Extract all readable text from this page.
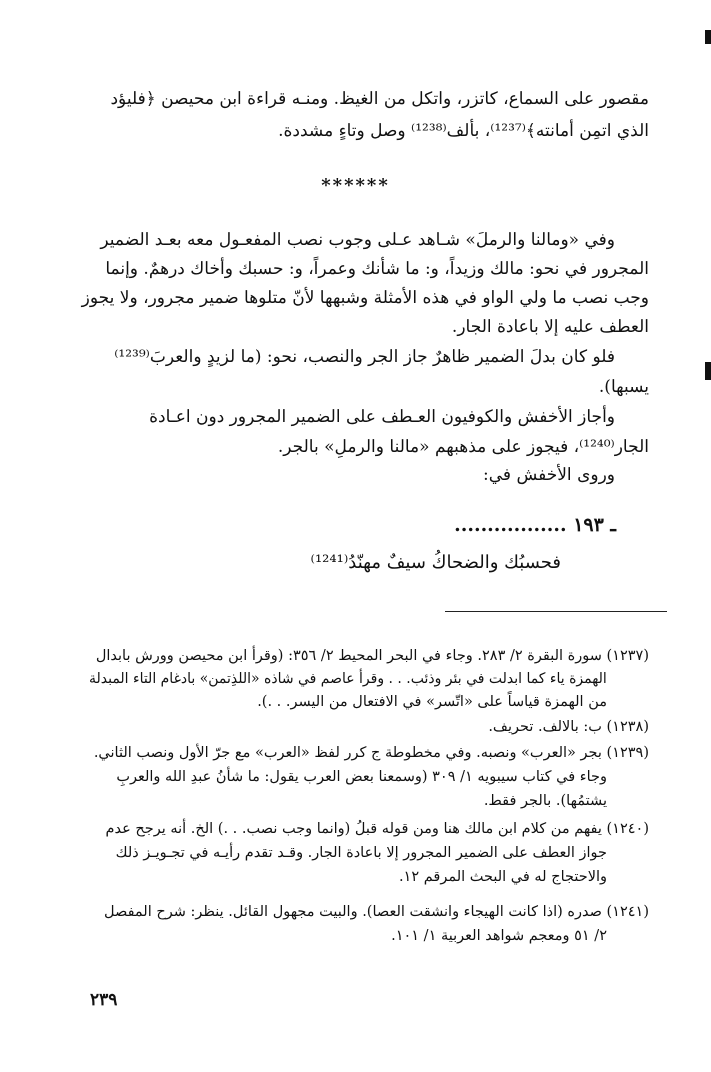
مقصور على السماع، كاتزر، واتكل من الغيظ. ومنـه قراءة ابن محيصن ﴿فليؤد
الذي اتمِن أمانته﴾⁽¹²³⁷⁾، بألف⁽¹²³⁸⁾ وصل وتاءٍ مشددة.
******
وفي «ومالنا والرملَ» شـاهد عـلى وجوب نصب المفعـول معه بعـد الضمير
المجرور في نحو: مالك وزيداً، و: ما شأنك وعمراً، و: حسبك وأخاك درهمٌ. وإنما
وجب نصب ما ولي الواو في هذه الأمثلة وشبهها لأنّ متلوها ضمير مجرور، ولا يجوز
العطف عليه إلا باعادة الجار.
فلو كان بدلَ الضمير ظاهرٌ جاز الجر والنصب، نحو: (ما لزيدٍ والعربَ⁽¹²³⁹⁾
يسبها).
وأجاز الأخفش والكوفيون العـطف على الضمير المجرور دون اعـادة
الجار⁽¹²⁴⁰⁾، فيجوز على مذهبهم «مالنا والرملِ» بالجر.
وروى الأخفش في:
ـ ١٩٣ .................
فحسبُك والضحاكُ سيفٌ مهنّدُ⁽¹²⁴¹⁾
(١٢٣٧) سورة البقرة ٢/ ٢٨٣. وجاء في البحر المحيط ٢/ ٣٥٦: (وقرأ ابن محيصن وورش بابدال
الهمزة ياء كما ابدلت في بئر وذئب. . . وقرأ عاصم في شاذه «اللذِتمن» بادغام التاء المبدلة
من الهمزة قياساً على «اتّسر» في الافتعال من اليسر. . .).
(١٢٣٨) ب: بالالف. تحريف.
(١٢٣٩) بجر «العرب» ونصبه. وفي مخطوطة ج كرر لفظ «العرب» مع جرّ الأول ونصب الثاني.
وجاء في كتاب سيبويه ١/ ٣٠٩ (وسمعنا بعض العرب يقول: ما شأنُ عبدِ الله والعربِ
يشتمُها). بالجر فقط.
(١٢٤٠) يفهم من كلام ابن مالك هنا ومن قوله قبلُ (وانما وجب نصب. . .) الخ. أنه يرجح عدم
جواز العطف على الضمير المجرور إلا باعادة الجار. وقـد تقدم رأيـه في تجـويـز ذلك
والاحتجاج له في البحث المرقم ١٢.
(١٢٤١) صدره (اذا كانت الهيجاء وانشقت العصا). والبيت مجهول القائل. ينظر: شرح المفصل
٢/ ٥١ ومعجم شواهد العربية ١/ ١٠١.
٢٣٩
